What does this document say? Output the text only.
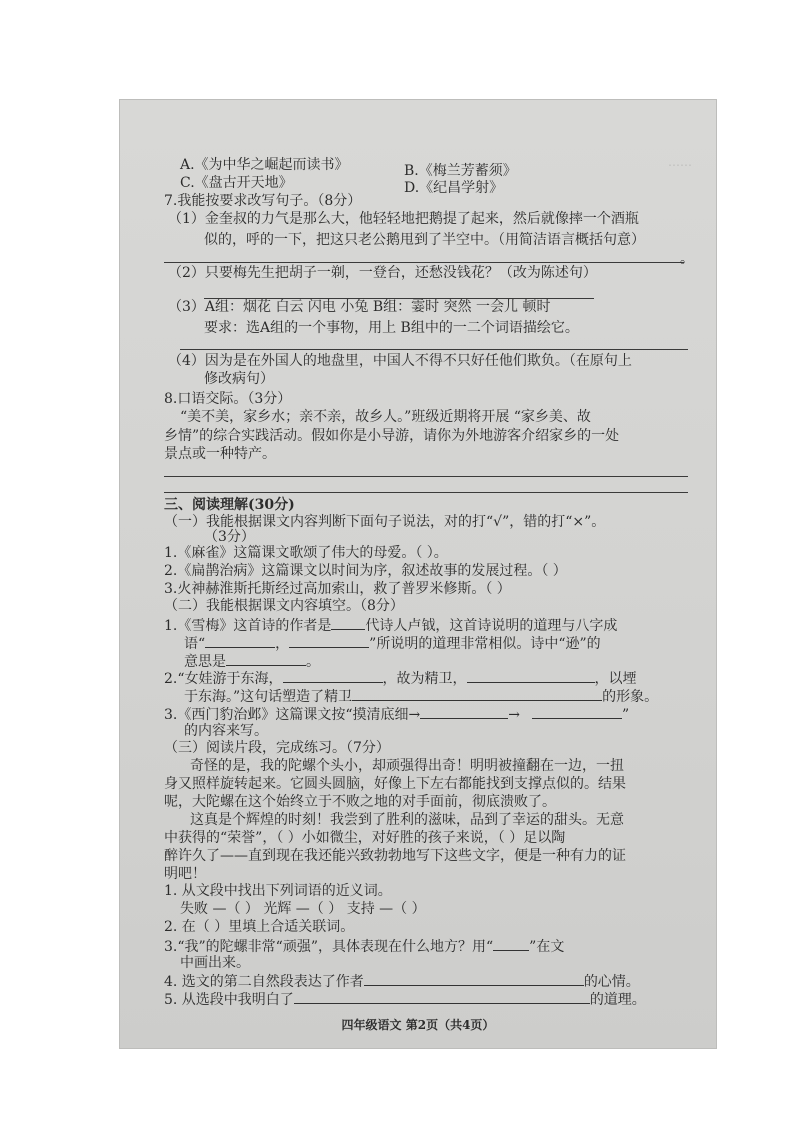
⋯⋯
A.《为中华之崛起而读书》	B.《梅兰芳蓄须》
C.《盘古开天地》	D.《纪昌学射》
7.我能按要求改写句子。（8分）
（1）金奎叔的力气是那么大，他轻轻地把鹅提了起来，然后就像摔一个酒瓶
似的，呼的一下，把这只老公鹅甩到了半空中。（用简洁语言概括句意）
。
（2）只要梅先生把胡子一剃，一登台，还愁没钱花？（改为陈述句）
（3）A组：烟花 白云 闪电 小兔 B组：霎时 突然 一会儿 顿时
要求：选A组的一个事物，用上 B组中的一二个词语描绘它。
（4）因为是在外国人的地盘里，中国人不得不只好任他们欺负。（在原句上
修改病句）
8.口语交际。（3分）
“美不美，家乡水；亲不亲，故乡人。”班级近期将开展 “家乡美、故
乡情”的综合实践活动。假如你是小导游，请你为外地游客介绍家乡的一处
景点或一种特产。
三、阅读理解(30分)
（一）我能根据课文内容判断下面句子说法，对的打“√”，错的打“×”。
（3分）
1.《麻雀》这篇课文歌颂了伟大的母爱。（ ）。
2.《扁鹊治病》这篇课文以时间为序，叙述故事的发展过程。（ ）
3.火神赫淮斯托斯经过高加索山，救了普罗米修斯。（ ）
（二）我能根据课文内容填空。（8分）
1.《雪梅》这首诗的作者是 代诗人卢钺，这首诗说明的道理与八字成
语“	，	”所说明的道理非常相似。诗中“逊”的
意思是	。
2.“女娃游于东海，	，故为精卫，	，以堙
于东海。”这句话塑造了精卫	的形象。
3.《西门豹治邺》这篇课文按“摸清底细→	→	”
的内容来写。
（三）阅读片段，完成练习。（7分）
奇怪的是，我的陀螺个头小，却顽强得出奇！明明被撞翻在一边，一扭
身又照样旋转起来。它圆头圆脑，好像上下左右都能找到支撑点似的。结果
呢，大陀螺在这个始终立于不败之地的对手面前，彻底溃败了。
这真是个辉煌的时刻！我尝到了胜利的滋味，品到了幸运的甜头。无意
中获得的“荣誉”，（ ）小如微尘，对好胜的孩子来说，（ ）足以陶
醉许久了——直到现在我还能兴致勃勃地写下这些文字，便是一种有力的证
明吧！
1. 从文段中找出下列词语的近义词。
失败 —（ ） 光辉 —（ ） 支持 —（ ）
2. 在（ ）里填上合适关联词。
3.“我”的陀螺非常“顽强”，具体表现在什么地方？用“	”在文
中画出来。
4. 选文的第二自然段表达了作者	的心情。
5. 从选段中我明白了	的道理。
四年级语文 第2页（共4页）
